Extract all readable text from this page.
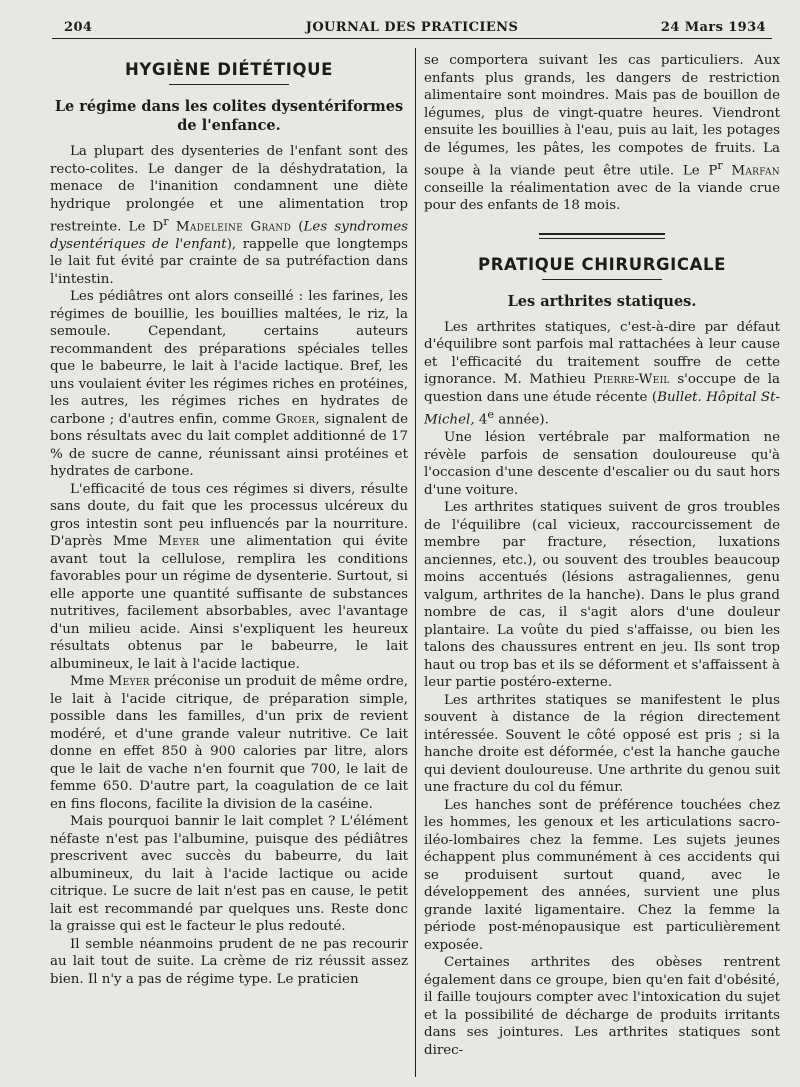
204	JOURNAL DES PRATICIENS	24 Mars 1934
HYGIÈNE DIÉTÉTIQUE
Le régime dans les colites dysentériformes de l'enfance.

La plupart des dysenteries de l'enfant sont des recto-colites. Le danger de la déshydratation, la menace de l'inanition condamnent une diète hydrique prolongée et une alimentation trop restreinte. Le $D^r$ Madeleine Grand (Les syndromes dysentériques de l'enfant), rappelle que longtemps le lait fut évité par crainte de sa putréfaction dans l'intestin.

Les pédiâtres ont alors conseillé : les farines, les régimes de bouillie, les bouillies maltées, le riz, la semoule. Cependant, certains auteurs recommandent des préparations spéciales telles que le babeurre, le lait à l'acide lactique. Bref, les uns voulaient éviter les régimes riches en protéines, les autres, les régimes riches en hydrates de carbone ; d'autres enfin, comme Groer, signalent de bons résultats avec du lait complet additionné de 17 % de sucre de canne, réunissant ainsi protéines et hydrates de carbone.

L'efficacité de tous ces régimes si divers, résulte sans doute, du fait que les processus ulcéreux du gros intestin sont peu influencés par la nourriture. D'après Mme Meyer une alimentation qui évite avant tout la cellulose, remplira les conditions favorables pour un régime de dysenterie. Surtout, si elle apporte une quantité suffisante de substances nutritives, facilement absorbables, avec l'avantage d'un milieu acide. Ainsi s'expliquent les heureux résultats obtenus par le babeurre, le lait albumineux, le lait à l'acide lactique.

Mme Meyer préconise un produit de même ordre, le lait à l'acide citrique, de préparation simple, possible dans les familles, d'un prix de revient modéré, et d'une grande valeur nutritive. Ce lait donne en effet 850 à 900 calories par litre, alors que le lait de vache n'en fournit que 700, le lait de femme 650. D'autre part, la coagulation de ce lait en fins flocons, facilite la division de la caséine.

Mais pourquoi bannir le lait complet ? L'élément néfaste n'est pas l'albumine, puisque des pédiâtres prescrivent avec succès du babeurre, du lait albumineux, du lait à l'acide lactique ou acide citrique. Le sucre de lait n'est pas en cause, le petit lait est recommandé par quelques uns. Reste donc la graisse qui est le facteur le plus redouté.

Il semble néanmoins prudent de ne pas recourir au lait tout de suite. La crème de riz réussit assez bien. Il n'y a pas de régime type. Le praticien

se comportera suivant les cas particuliers. Aux enfants plus grands, les dangers de restriction alimentaire sont moindres. Mais pas de bouillon de légumes, plus de vingt-quatre heures. Viendront ensuite les bouillies à l'eau, puis au lait, les potages de légumes, les pâtes, les compotes de fruits. La soupe à la viande peut être utile. Le $P^r$ Marfan conseille la réalimentation avec de la viande crue pour des enfants de 18 mois.

PRATIQUE CHIRURGICALE
Les arthrites statiques.

Les arthrites statiques, c'est-à-dire par défaut d'équilibre sont parfois mal rattachées à leur cause et l'efficacité du traitement souffre de cette ignorance. M. Mathieu Pierre-Weil s'occupe de la question dans une étude récente (Bullet. Hôpital St-Michel, 4e année).

Une lésion vertébrale par malformation ne révèle parfois de sensation douloureuse qu'à l'occasion d'une descente d'escalier ou du saut hors d'une voiture.

Les arthrites statiques suivent de gros troubles de l'équilibre (cal vicieux, raccourcissement de membre par fracture, résection, luxations anciennes, etc.), ou souvent des troubles beaucoup moins accentués (lésions astragaliennes, genu valgum, arthrites de la hanche). Dans le plus grand nombre de cas, il s'agit alors d'une douleur plantaire. La voûte du pied s'affaisse, ou bien les talons des chaussures entrent en jeu. Ils sont trop haut ou trop bas et ils se déforment et s'affaissent à leur partie postéro-externe.

Les arthrites statiques se manifestent le plus souvent à distance de la région directement intéressée. Souvent le côté opposé est pris ; si la hanche droite est déformée, c'est la hanche gauche qui devient douloureuse. Une arthrite du genou suit une fracture du col du fémur.

Les hanches sont de préférence touchées chez les hommes, les genoux et les articulations sacro-iléo-lombaires chez la femme. Les sujets jeunes échappent plus communément à ces accidents qui se produisent surtout quand, avec le développement des années, survient une plus grande laxité ligamentaire. Chez la femme la période post-ménopausique est particulièrement exposée.

Certaines arthrites des obèses rentrent également dans ce groupe, bien qu'en fait d'obésité, il faille toujours compter avec l'intoxication du sujet et la possibilité de décharge de produits irritants dans ses jointures. Les arthrites statiques sont direc-
